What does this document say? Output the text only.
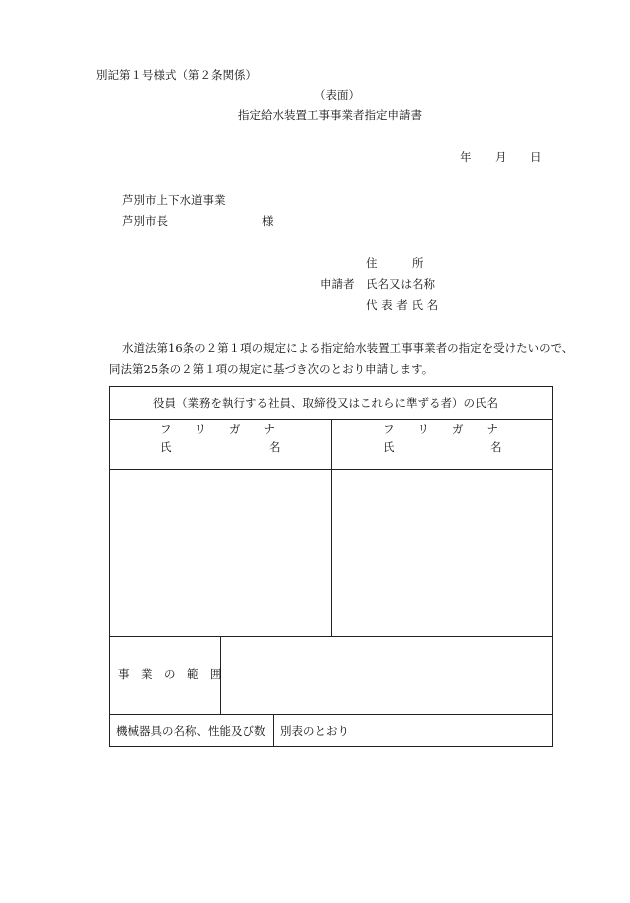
別記第１号様式（第２条関係）
（表面）
指定給水装置工事事業者指定申請書
年 月 日
芦別市上下水道事業
芦別市長	様
住　　　所
申請者 氏名又は名称
代 表 者 氏 名
水道法第16条の２第１項の規定による指定給水装置工事事業者の指定を受けたいので、
同法第25条の２第１項の規定に基づき次のとおり申請します。
役員（業務を執行する社員、取締役又はこれらに準ずる者）の氏名
フ　　リ　　ガ　　ナ
氏	名
フ　　リ　　ガ　　ナ
氏	名
事　業　の　範　囲
機械器具の名称、性能及び数 別表のとおり
